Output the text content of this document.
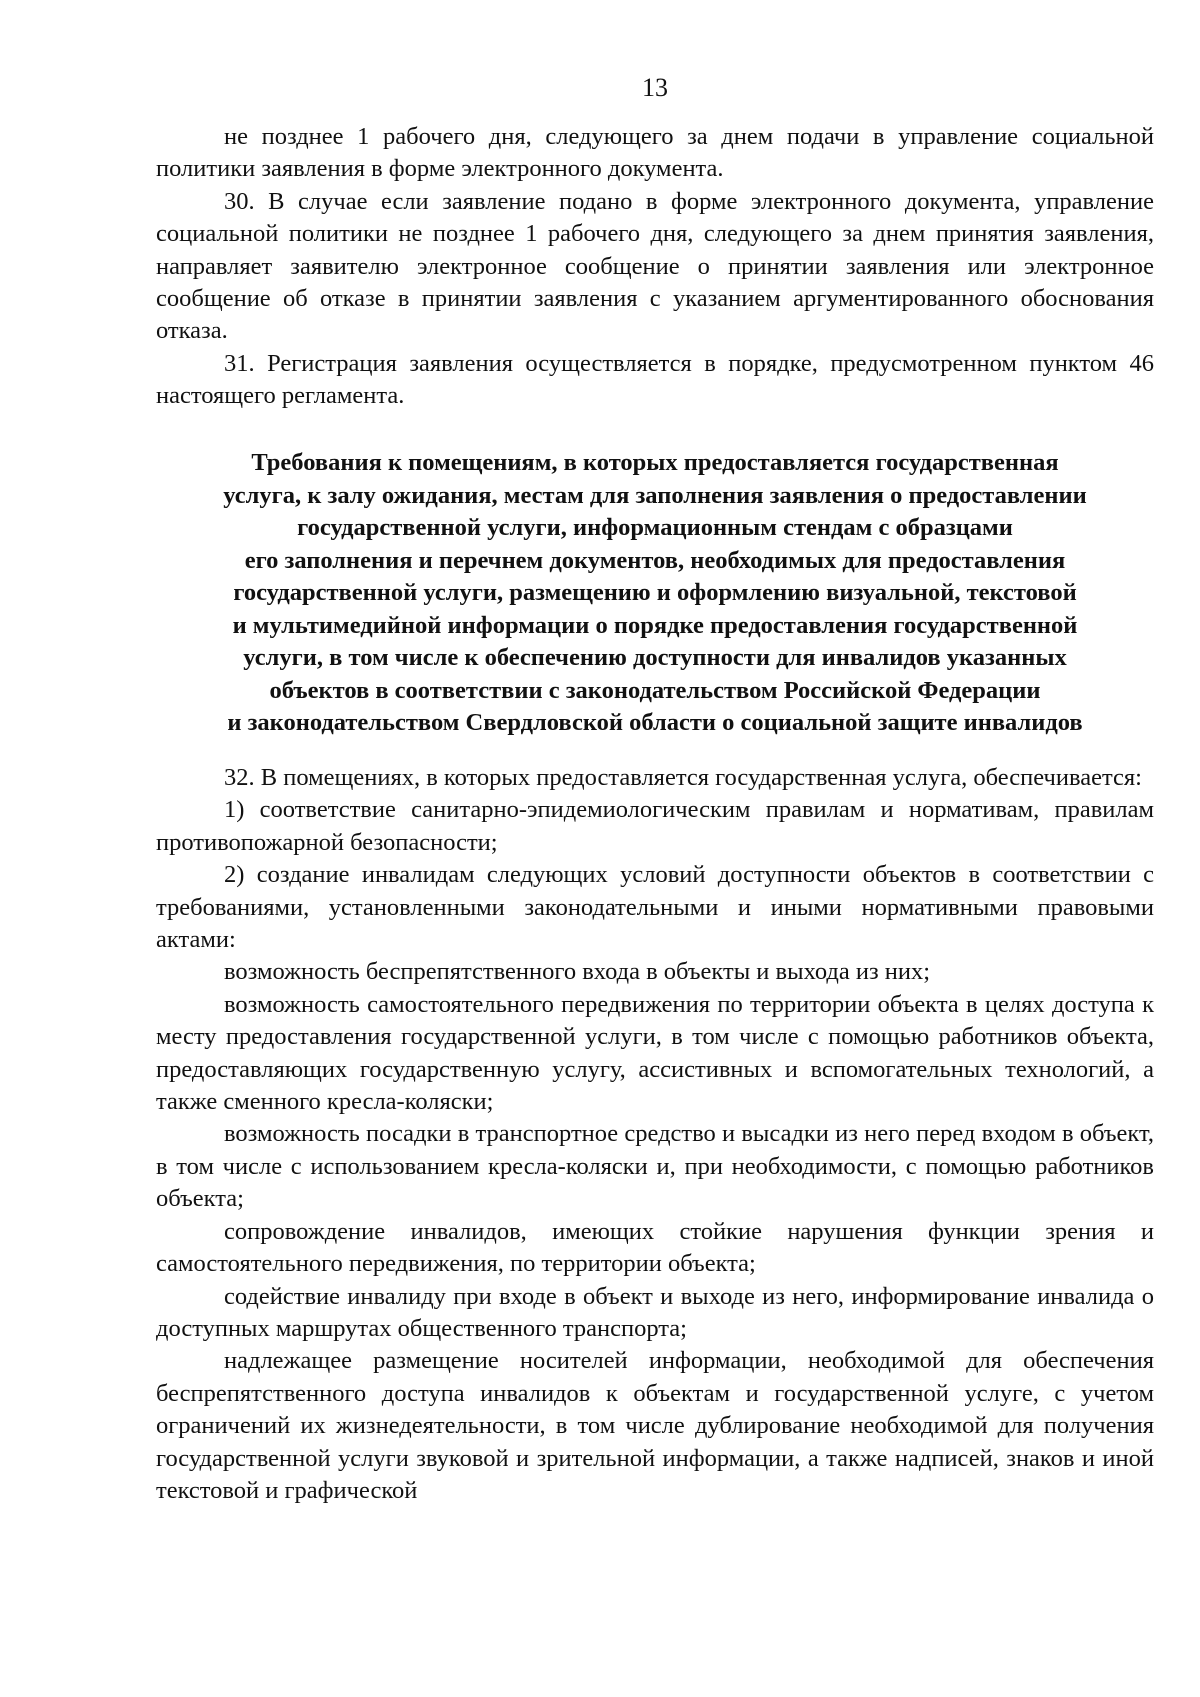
13

не позднее 1 рабочего дня, следующего за днем подачи в управление социальной политики заявления в форме электронного документа.

30. В случае если заявление подано в форме электронного документа, управление социальной политики не позднее 1 рабочего дня, следующего за днем принятия заявления, направляет заявителю электронное сообщение о принятии заявления или электронное сообщение об отказе в принятии заявления с указанием аргументированного обоснования отказа.

31. Регистрация заявления осуществляется в порядке, предусмотренном пунктом 46 настоящего регламента.

Требования к помещениям, в которых предоставляется государственная
услуга, к залу ожидания, местам для заполнения заявления о предоставлении
государственной услуги, информационным стендам с образцами
его заполнения и перечнем документов, необходимых для предоставления
государственной услуги, размещению и оформлению визуальной, текстовой
и мультимедийной информации о порядке предоставления государственной
услуги, в том числе к обеспечению доступности для инвалидов указанных
объектов в соответствии с законодательством Российской Федерации
и законодательством Свердловской области о социальной защите инвалидов

32. В помещениях, в которых предоставляется государственная услуга, обеспечивается:

1) соответствие санитарно-эпидемиологическим правилам и нормативам, правилам противопожарной безопасности;

2) создание инвалидам следующих условий доступности объектов в соответствии с требованиями, установленными законодательными и иными нормативными правовыми актами:

возможность беспрепятственного входа в объекты и выхода из них;

возможность самостоятельного передвижения по территории объекта в целях доступа к месту предоставления государственной услуги, в том числе с помощью работников объекта, предоставляющих государственную услугу, ассистивных и вспомогательных технологий, а также сменного кресла-коляски;

возможность посадки в транспортное средство и высадки из него перед входом в объект, в том числе с использованием кресла-коляски и, при необходимости, с помощью работников объекта;

сопровождение инвалидов, имеющих стойкие нарушения функции зрения и самостоятельного передвижения, по территории объекта;

содействие инвалиду при входе в объект и выходе из него, информирование инвалида о доступных маршрутах общественного транспорта;

надлежащее размещение носителей информации, необходимой для обеспечения беспрепятственного доступа инвалидов к объектам и государственной услуге, с учетом ограничений их жизнедеятельности, в том числе дублирование необходимой для получения государственной услуги звуковой и зрительной информации, а также надписей, знаков и иной текстовой и графической
